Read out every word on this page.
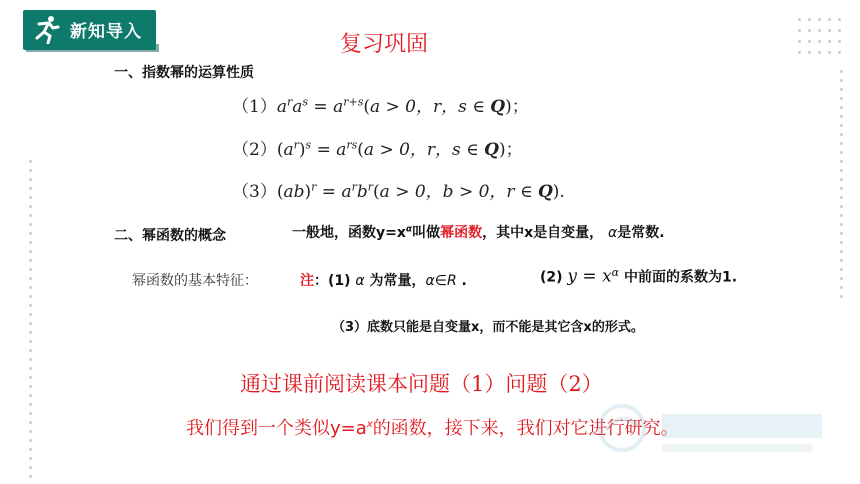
新知导入	复习巩固
一、指数幂的运算性质
$(1)a^ra^s = a^{r+s}(a > 0$，r，s ∈ Q)；
$(2)(a^r)^s = a^{rs}(a > 0$，r，s ∈ Q)；
$(3)(ab)^r = a^rb^r(a > 0$，b > 0，r ∈ Q).
二、幂函数的概念	一般地，函数$y=x^\alpha$叫做幂函数，其中x是自变量， α是常数.
幂函数的基本特征：	注：(1) α 为常量，α∈R .	(2) $y = x^\alpha$ 中前面的系数为1.
（3）底数只能是自变量x，而不能是其它含x的形式。
通过课前阅读课本问题（1）问题（2）
我们得到一个类似$y=a^x$的函数，接下来，我们对它进行研究。
